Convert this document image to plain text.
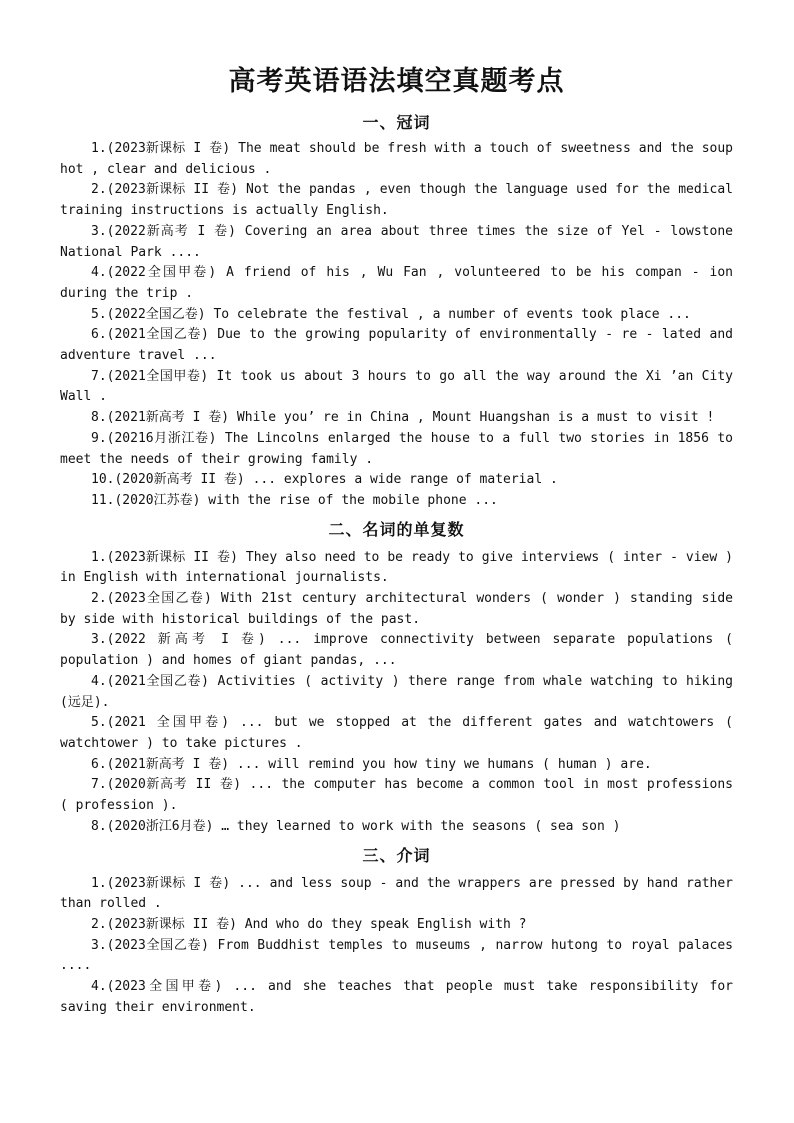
高考英语语法填空真题考点
一、冠词
1.(2023新课标 I 卷) The meat should be fresh with a touch of sweetness and the soup hot , clear and delicious .
2.(2023新课标 II 卷) Not the pandas , even though the language used for the medical training instructions is actually English.
3.(2022新高考 I 卷) Covering an area about three times the size of Yel - lowstone National Park ....
4.(2022全国甲卷) A friend of his , Wu Fan , volunteered to be his compan - ion during the trip .
5.(2022全国乙卷) To celebrate the festival , a number of events took place ...
6.(2021全国乙卷) Due to the growing popularity of environmentally - re - lated and adventure travel ...
7.(2021全国甲卷) It took us about 3 hours to go all the way around the Xi ’an City Wall .
8.(2021新高考 I 卷) While you’ re in China , Mount Huangshan is a must to visit !
9.(20216月浙江卷) The Lincolns enlarged the house to a full two stories in 1856 to meet the needs of their growing family .
10.(2020新高考 II 卷) ... explores a wide range of material .
11.(2020江苏卷) with the rise of the mobile phone ...
二、名词的单复数
1.(2023新课标 II 卷) They also need to be ready to give interviews ( inter - view ) in English with international journalists.
2.(2023全国乙卷) With 21st century architectural wonders ( wonder ) standing side by side with historical buildings of the past.
3.(2022 新高考 I 卷) ... improve connectivity between separate populations ( population ) and homes of giant pandas, ...
4.(2021全国乙卷) Activities ( activity ) there range from whale watching to hiking (远足).
5.(2021 全国甲卷) ... but we stopped at the different gates and watchtowers ( watchtower ) to take pictures .
6.(2021新高考 I 卷) ... will remind you how tiny we humans ( human ) are.
7.(2020新高考 II 卷) ... the computer has become a common tool in most professions ( profession ).
8.(2020浙江6月卷) … they learned to work with the seasons ( sea son )
三、介词
1.(2023新课标 I 卷) ... and less soup - and the wrappers are pressed by hand rather than rolled .
2.(2023新课标 II 卷) And who do they speak English with ?
3.(2023全国乙卷) From Buddhist temples to museums , narrow hutong to royal palaces ....
4.(2023全国甲卷) ... and she teaches that people must take responsibility for saving their environment.
